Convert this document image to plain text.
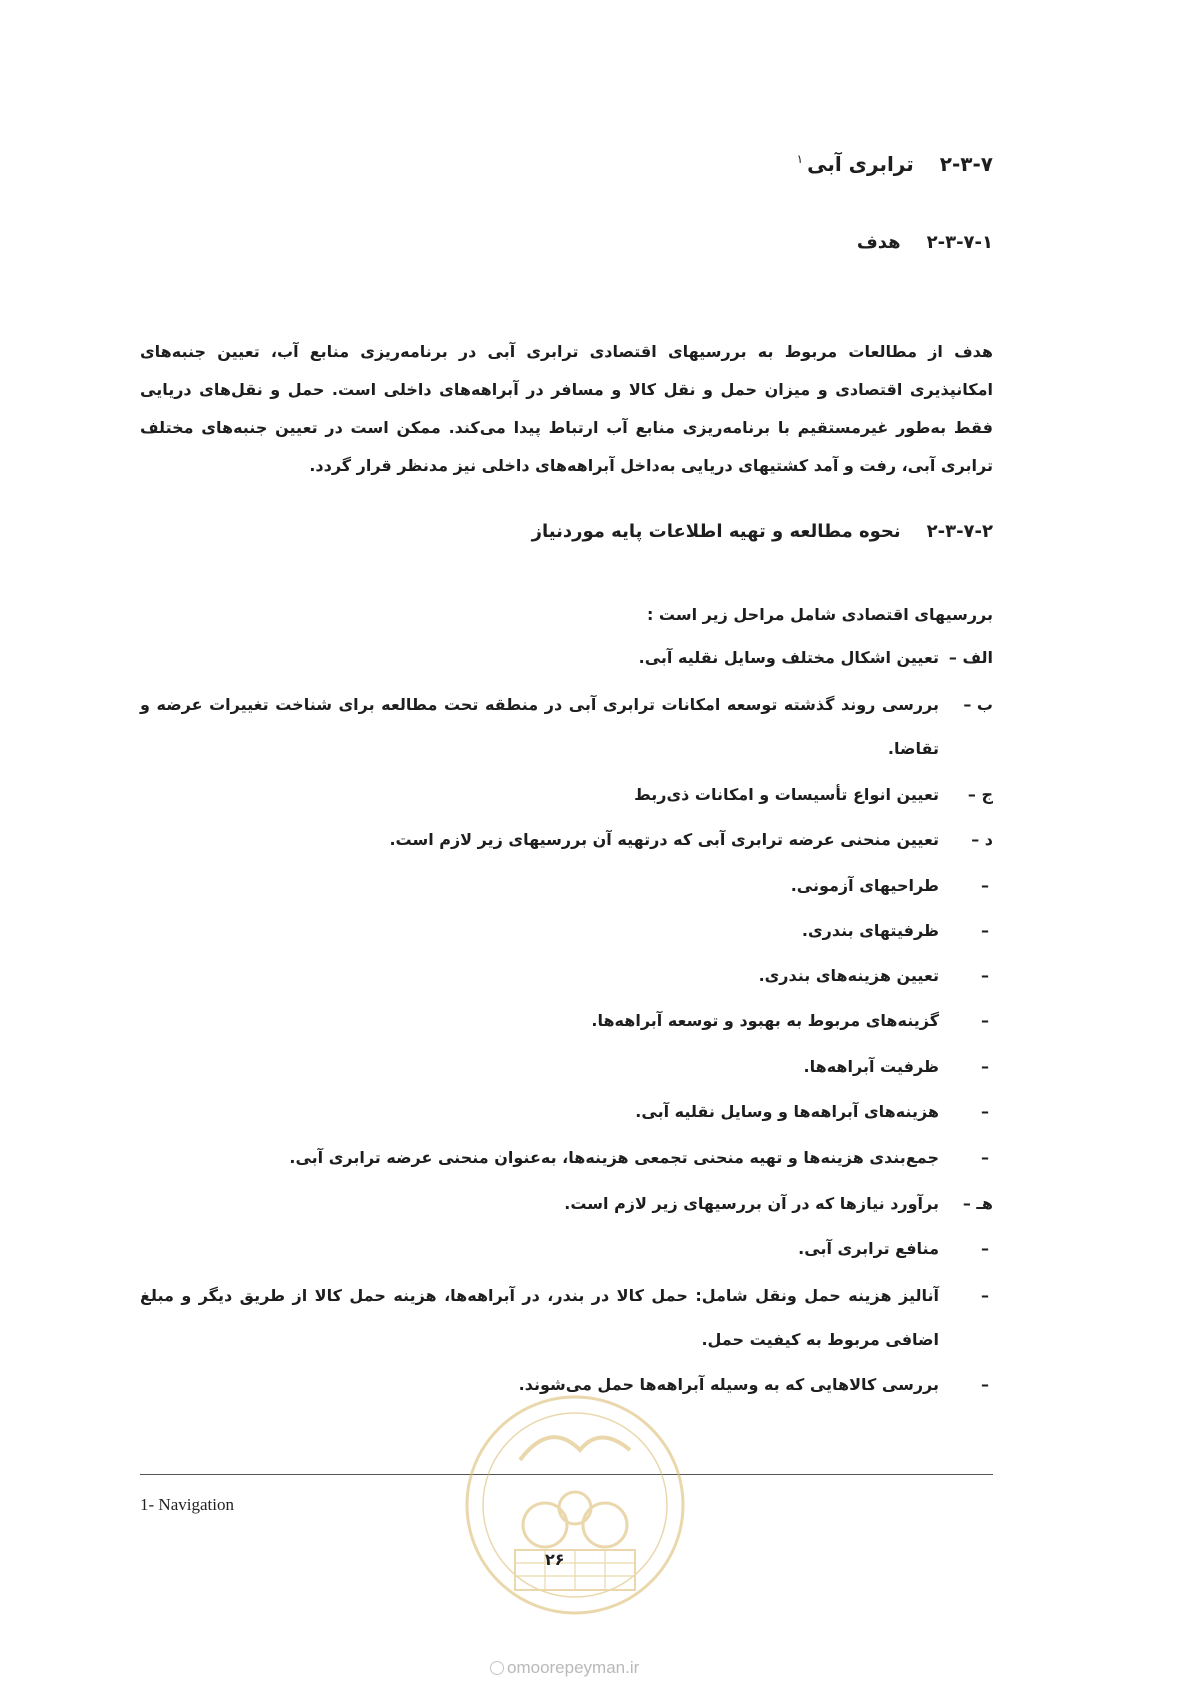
۲-۳-۷ترابری آبی$^۱$
۲-۳-۷-۱هدف
هدف از مطالعات مربوط به بررسیهای اقتصادی ترابری آبی در برنامه‌ریزی منابع آب، تعیین جنبه‌های امکانپذیری اقتصادی و میزان حمل و نقل کالا و مسافر در آبراهه‌های داخلی است. حمل و نقل‌های دریایی فقط به‌طور غیرمستقیم با برنامه‌ریزی منابع آب ارتباط پیدا می‌کند. ممکن است در تعیین جنبه‌های مختلف ترابری آبی، رفت و آمد کشتیهای دریایی به‌داخل آبراهه‌های داخلی نیز مدنظر قرار گردد.
۲-۳-۷-۲نحوه مطالعه و تهیه اطلاعات پایه موردنیاز
بررسیهای اقتصادی شامل مراحل زیر است :
الف –
تعیین اشکال مختلف وسایل نقلیه آبی.
ب –
بررسی روند گذشته توسعه امکانات ترابری آبی در منطقه تحت مطالعه برای شناخت تغییرات عرضه و تقاضا.
ج –
تعیین انواع تأسیسات و امکانات ذی‌ربط
د –
تعیین منحنی عرضه ترابری آبی که درتهیه آن بررسیهای زیر لازم است.
–
طراحیهای آزمونی.
–
ظرفیتهای بندری.
–
تعیین هزینه‌های بندری.
–
گزینه‌های مربوط به بهبود و توسعه آبراهه‌ها.
–
ظرفیت آبراهه‌ها.
–
هزینه‌های آبراهه‌ها و وسایل نقلیه آبی.
–
جمع‌بندی هزینه‌ها و تهیه منحنی تجمعی هزینه‌ها، به‌عنوان منحنی عرضه ترابری آبی.
هـ –
برآورد نیازها که در آن بررسیهای زیر لازم است.
–
منافع ترابری آبی.
–
آنالیز هزینه حمل ونقل شامل: حمل کالا در بندر، در آبراهه‌ها، هزینه حمل کالا از طریق دیگر و مبلغ اضافی مربوط به کیفیت حمل.
–
بررسی کالاهایی که به وسیله آبراهه‌ها حمل می‌شوند.
1- Navigation
۲۶
omoorepeyman.ir
